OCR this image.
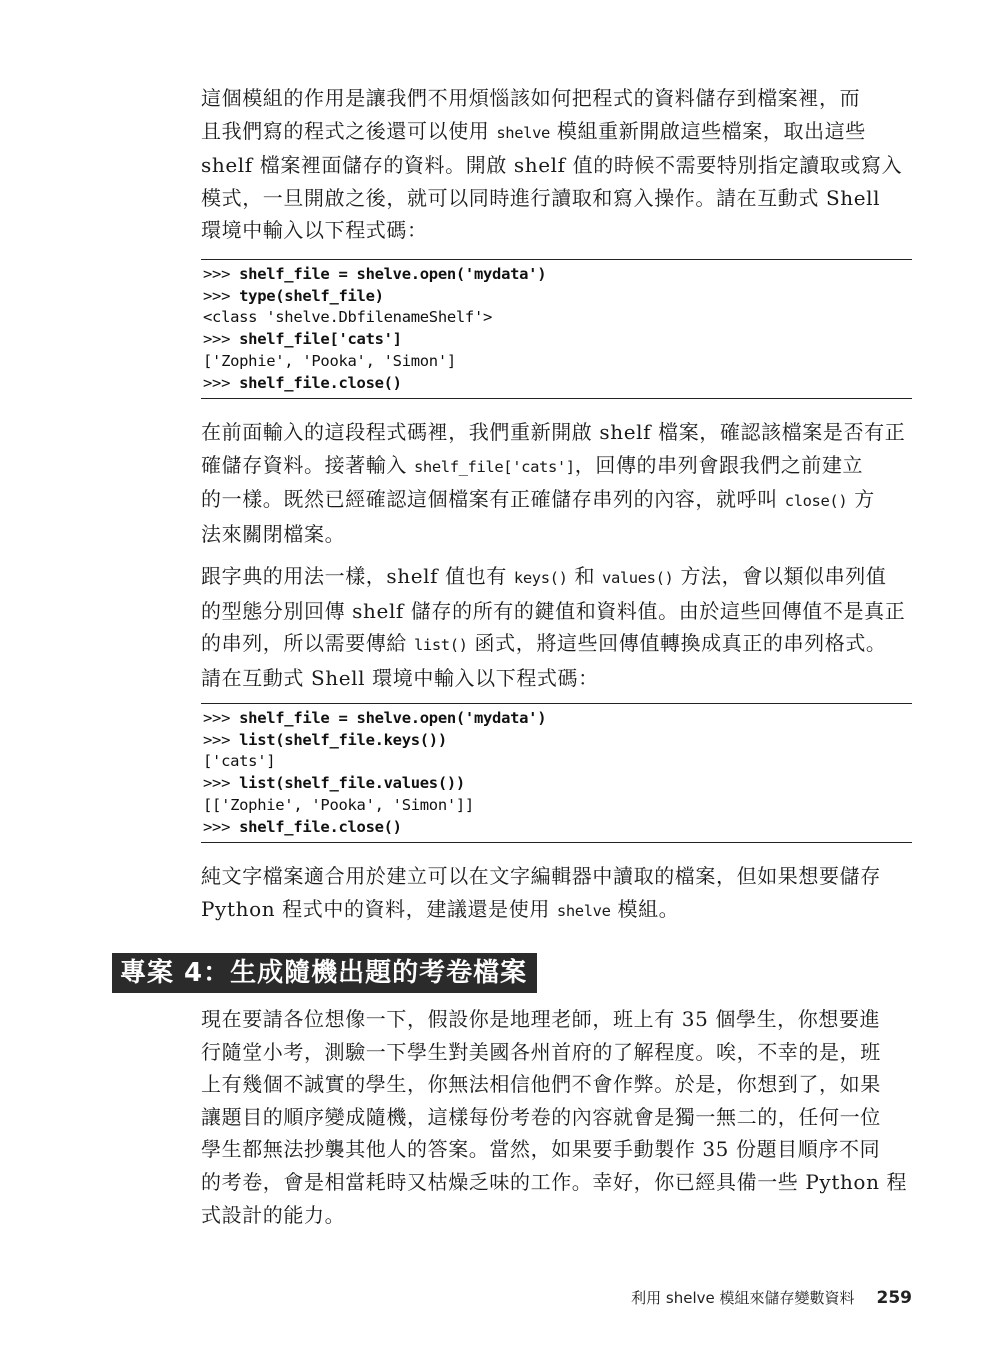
這個模組的作用是讓我們不用煩惱該如何把程式的資料儲存到檔案裡，而
且我們寫的程式之後還可以使用 shelve 模組重新開啟這些檔案，取出這些
shelf 檔案裡面儲存的資料。開啟 shelf 值的時候不需要特別指定讀取或寫入
模式，一旦開啟之後，就可以同時進行讀取和寫入操作。請在互動式 Shell
環境中輸入以下程式碼：
>>> shelf_file = shelve.open('mydata')
>>> type(shelf_file)
<class 'shelve.DbfilenameShelf'>
>>> shelf_file['cats']
['Zophie', 'Pooka', 'Simon']
>>> shelf_file.close()
在前面輸入的這段程式碼裡，我們重新開啟 shelf 檔案，確認該檔案是否有正
確儲存資料。接著輸入 shelf_file['cats']，回傳的串列會跟我們之前建立
的一樣。既然已經確認這個檔案有正確儲存串列的內容，就呼叫 close() 方
法來關閉檔案。
跟字典的用法一樣，shelf 值也有 keys() 和 values() 方法，會以類似串列值
的型態分別回傳 shelf 儲存的所有的鍵值和資料值。由於這些回傳值不是真正
的串列，所以需要傳給 list() 函式，將這些回傳值轉換成真正的串列格式。
請在互動式 Shell 環境中輸入以下程式碼：
>>> shelf_file = shelve.open('mydata')
>>> list(shelf_file.keys())
['cats']
>>> list(shelf_file.values())
[['Zophie', 'Pooka', 'Simon']]
>>> shelf_file.close()
純文字檔案適合用於建立可以在文字編輯器中讀取的檔案，但如果想要儲存
Python 程式中的資料，建議還是使用 shelve 模組。
專案 4：生成隨機出題的考卷檔案
現在要請各位想像一下，假設你是地理老師，班上有 35 個學生，你想要進
行隨堂小考，測驗一下學生對美國各州首府的了解程度。唉，不幸的是，班
上有幾個不誠實的學生，你無法相信他們不會作弊。於是，你想到了，如果
讓題目的順序變成隨機，這樣每份考卷的內容就會是獨一無二的，任何一位
學生都無法抄襲其他人的答案。當然，如果要手動製作 35 份題目順序不同
的考卷，會是相當耗時又枯燥乏味的工作。幸好，你已經具備一些 Python 程
式設計的能力。
利用 shelve 模組來儲存變數資料 259
